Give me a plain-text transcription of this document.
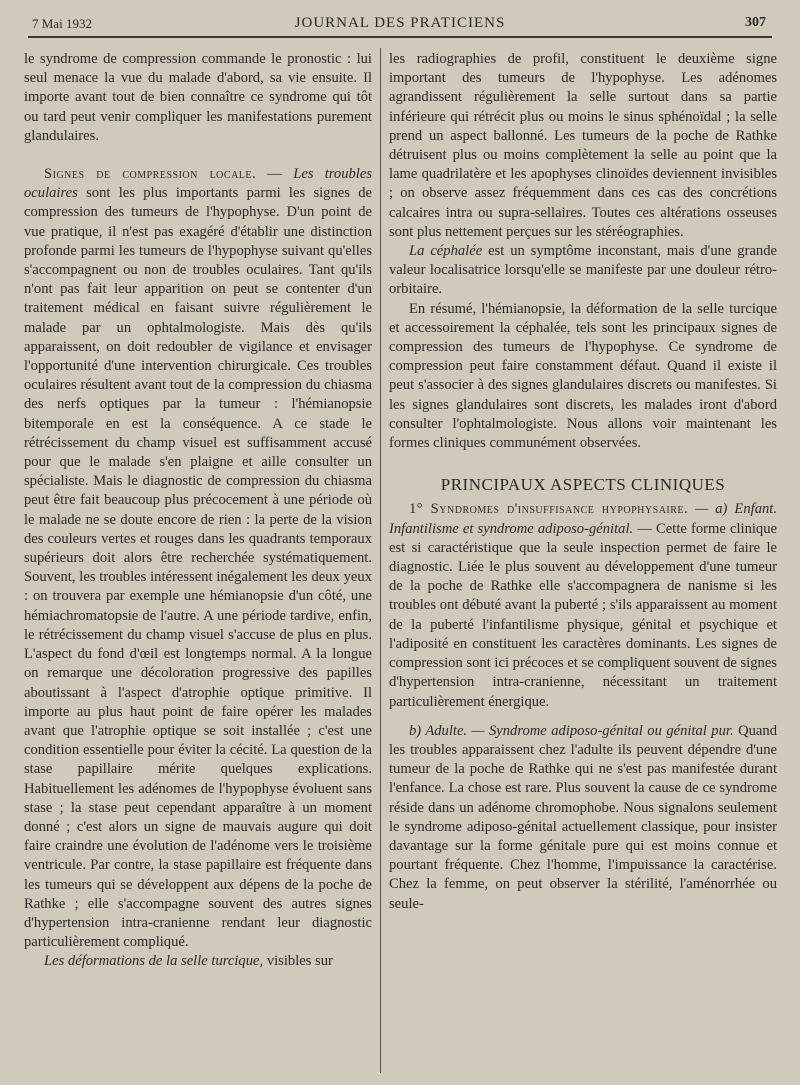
7 Mai 1932	JOURNAL DES PRATICIENS	307

le syndrome de compression commande le pronostic : lui seul menace la vue du malade d'abord, sa vie ensuite. Il importe avant tout de bien connaître ce syndrome qui tôt ou tard peut venir compliquer les manifestations purement glandulaires.

Signes de compression locale. — Les troubles oculaires sont les plus importants parmi les signes de compression des tumeurs de l'hypophyse. D'un point de vue pratique, il n'est pas exagéré d'établir une distinction profonde parmi les tumeurs de l'hypophyse suivant qu'elles s'accompagnent ou non de troubles oculaires. Tant qu'ils n'ont pas fait leur apparition on peut se contenter d'un traitement médical en faisant suivre régulièrement le malade par un ophtalmologiste. Mais dès qu'ils apparaissent, on doit redoubler de vigilance et envisager l'opportunité d'une intervention chirurgicale. Ces troubles oculaires résultent avant tout de la compression du chiasma des nerfs optiques par la tumeur : l'hémianopsie bitemporale en est la conséquence. A ce stade le rétrécissement du champ visuel est suffisamment accusé pour que le malade s'en plaigne et aille consulter un spécialiste. Mais le diagnostic de compression du chiasma peut être fait beaucoup plus précocement à une période où le malade ne se doute encore de rien : la perte de la vision des couleurs vertes et rouges dans les quadrants temporaux supérieurs doit alors être recherchée systématiquement. Souvent, les troubles intéressent inégalement les deux yeux : on trouvera par exemple une hémianopsie d'un côté, une hémiachromatopsie de l'autre. A une période tardive, enfin, le rétrécissement du champ visuel s'accuse de plus en plus. L'aspect du fond d'œil est longtemps normal. A la longue on remarque une décoloration progressive des papilles aboutissant à l'aspect d'atrophie optique primitive. Il importe au plus haut point de faire opérer les malades avant que l'atrophie optique se soit installée ; c'est une condition essentielle pour éviter la cécité. La question de la stase papillaire mérite quelques explications. Habituellement les adénomes de l'hypophyse évoluent sans stase ; la stase peut cependant apparaître à un moment donné ; c'est alors un signe de mauvais augure qui doit faire craindre une évolution de l'adénome vers le troisième ventricule. Par contre, la stase papillaire est fréquente dans les tumeurs qui se développent aux dépens de la poche de Rathke ; elle s'accompagne souvent des autres signes d'hypertension intra-cranienne rendant leur diagnostic particulièrement compliqué.

Les déformations de la selle turcique, visibles sur

les radiographies de profil, constituent le deuxième signe important des tumeurs de l'hypophyse. Les adénomes agrandissent régulièrement la selle surtout dans sa partie inférieure qui rétrécit plus ou moins le sinus sphénoïdal ; la selle prend un aspect ballonné. Les tumeurs de la poche de Rathke détruisent plus ou moins complètement la selle au point que la lame quadrilatère et les apophyses clinoïdes deviennent invisibles ; on observe assez fréquemment dans ces cas des concrétions calcaires intra ou supra-sellaires. Toutes ces altérations osseuses sont plus nettement perçues sur les stéréographies.

La céphalée est un symptôme inconstant, mais d'une grande valeur localisatrice lorsqu'elle se manifeste par une douleur rétro-orbitaire.

En résumé, l'hémianopsie, la déformation de la selle turcique et accessoirement la céphalée, tels sont les principaux signes de compression des tumeurs de l'hypophyse. Ce syndrome de compression peut faire constamment défaut. Quand il existe il peut s'associer à des signes glandulaires discrets ou manifestes. Si les signes glandulaires sont discrets, les malades iront d'abord consulter l'ophtalmologiste. Nous allons voir maintenant les formes cliniques communément observées.

PRINCIPAUX ASPECTS CLINIQUES

1° Syndromes d'insuffisance hypophysaire. — a) Enfant. Infantilisme et syndrome adiposo-génital. — Cette forme clinique est si caractéristique que la seule inspection permet de faire le diagnostic. Liée le plus souvent au développement d'une tumeur de la poche de Rathke elle s'accompagnera de nanisme si les troubles ont débuté avant la puberté ; s'ils apparaissent au moment de la puberté l'infantilisme physique, génital et psychique et l'adiposité en constituent les caractères dominants. Les signes de compression sont ici précoces et se compliquent souvent de signes d'hypertension intra-cranienne, nécessitant un traitement particulièrement énergique.

b) Adulte. — Syndrome adiposo-génital ou génital pur. Quand les troubles apparaissent chez l'adulte ils peuvent dépendre d'une tumeur de la poche de Rathke qui ne s'est pas manifestée durant l'enfance. La chose est rare. Plus souvent la cause de ce syndrome réside dans un adénome chromophobe. Nous signalons seulement le syndrome adiposo-génital actuellement classique, pour insister davantage sur la forme génitale pure qui est moins connue et pourtant fréquente. Chez l'homme, l'impuissance la caractérise. Chez la femme, on peut observer la stérilité, l'aménorrhée ou seule-
